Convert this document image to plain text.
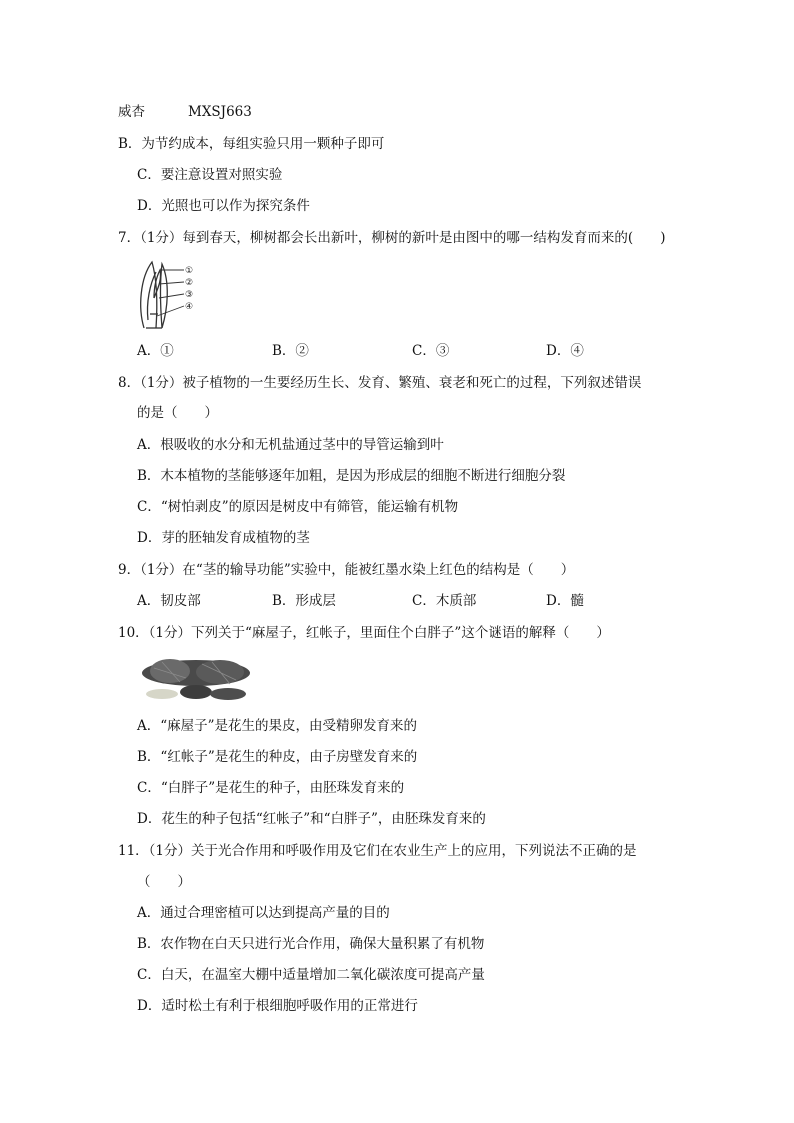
威杏	MXSJ663
B．为节约成本，每组实验只用一颗种子即可
C．要注意设置对照实验
D．光照也可以作为探究条件
7．（1分）每到春天，柳树都会长出新叶，柳树的新叶是由图中的哪一结构发育而来的(　　)
①
②
③
④
A．①	B．②	C．③	D．④
8．（1分）被子植物的一生要经历生长、发育、繁殖、衰老和死亡的过程，下列叙述错误
的是（　　）
A．根吸收的水分和无机盐通过茎中的导管运输到叶
B．木本植物的茎能够逐年加粗，是因为形成层的细胞不断进行细胞分裂
C．“树怕剥皮”的原因是树皮中有筛管，能运输有机物
D．芽的胚轴发育成植物的茎
9．（1分）在“茎的输导功能”实验中，能被红墨水染上红色的结构是（　　）
A．韧皮部	B．形成层	C．木质部	D．髓
10．（1分）下列关于“麻屋子，红帐子，里面住个白胖子”这个谜语的解释（　　）
A．“麻屋子”是花生的果皮，由受精卵发育来的
B．“红帐子”是花生的种皮，由子房壁发育来的
C．“白胖子”是花生的种子，由胚珠发育来的
D．花生的种子包括“红帐子”和“白胖子”，由胚珠发育来的
11．（1分）关于光合作用和呼吸作用及它们在农业生产上的应用，下列说法不正确的是
（　　）
A．通过合理密植可以达到提高产量的目的
B．农作物在白天只进行光合作用，确保大量积累了有机物
C．白天，在温室大棚中适量增加二氧化碳浓度可提高产量
D．适时松土有利于根细胞呼吸作用的正常进行
